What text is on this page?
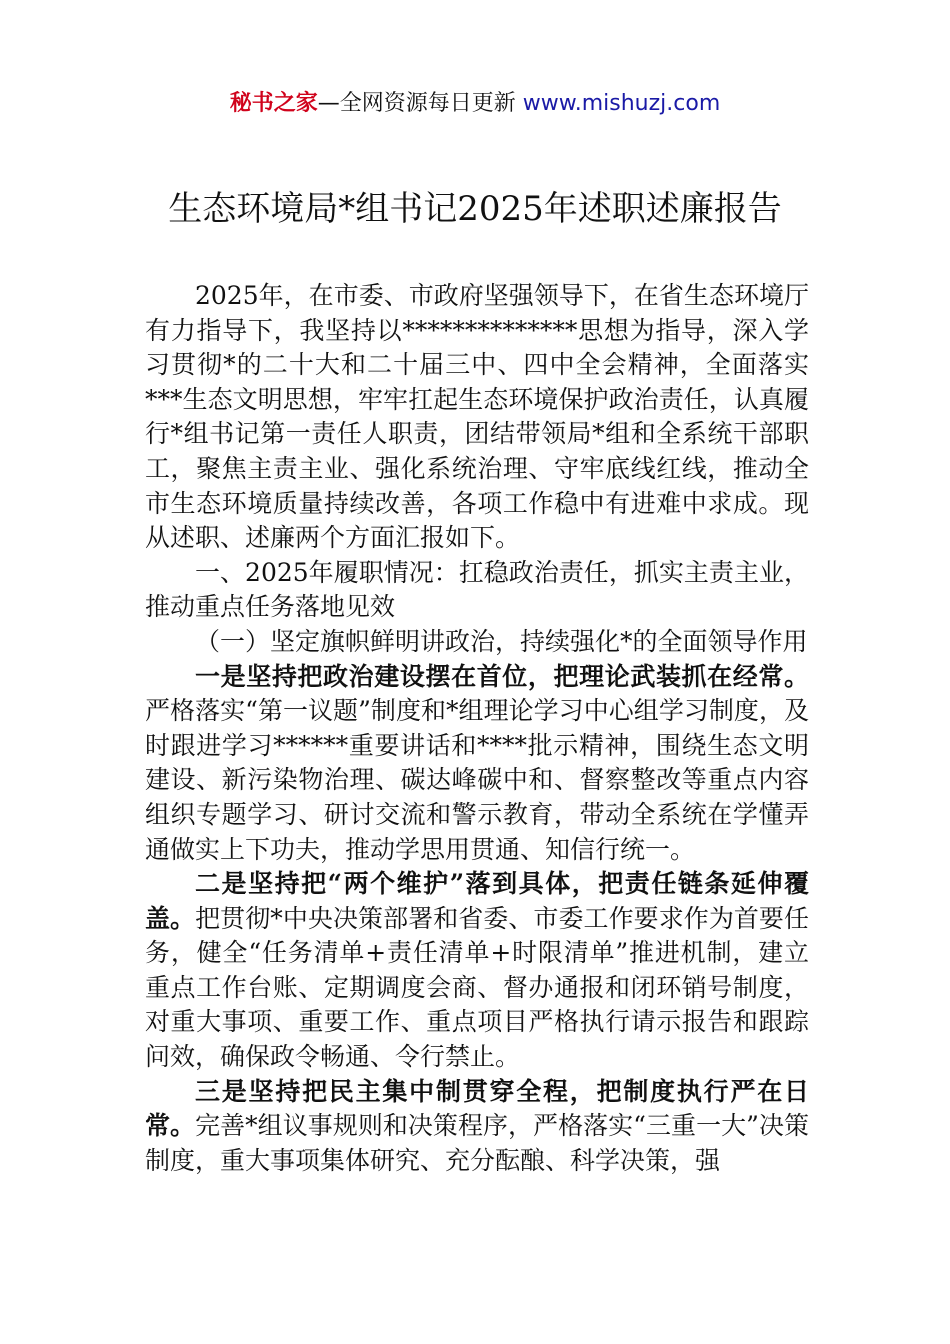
秘书之家—全网资源每日更新 www.mishuzj.com
生态环境局*组书记2025年述职述廉报告

2025年，在市委、市政府坚强领导下，在省生态环境厅有力指导下，我坚持以**************思想为指导，深入学习贯彻*的二十大和二十届三中、四中全会精神，全面落实***生态文明思想，牢牢扛起生态环境保护政治责任，认真履行*组书记第一责任人职责，团结带领局*组和全系统干部职工，聚焦主责主业、强化系统治理、守牢底线红线，推动全市生态环境质量持续改善，各项工作稳中有进难中求成。现从述职、述廉两个方面汇报如下。

一、2025年履职情况：扛稳政治责任，抓实主责主业，推动重点任务落地见效

（一）坚定旗帜鲜明讲政治，持续强化*的全面领导作用

一是坚持把政治建设摆在首位，把理论武装抓在经常。严格落实“第一议题”制度和*组理论学习中心组学习制度，及时跟进学习******重要讲话和****批示精神，围绕生态文明建设、新污染物治理、碳达峰碳中和、督察整改等重点内容组织专题学习、研讨交流和警示教育，带动全系统在学懂弄通做实上下功夫，推动学思用贯通、知信行统一。

二是坚持把“两个维护”落到具体，把责任链条延伸覆盖。把贯彻*中央决策部署和省委、市委工作要求作为首要任务，健全“任务清单+责任清单+时限清单”推进机制，建立重点工作台账、定期调度会商、督办通报和闭环销号制度，对重大事项、重要工作、重点项目严格执行请示报告和跟踪问效，确保政令畅通、令行禁止。

三是坚持把民主集中制贯穿全程，把制度执行严在日常。完善*组议事规则和决策程序，严格落实“三重一大”决策制度，重大事项集体研究、充分酝酿、科学决策，强
